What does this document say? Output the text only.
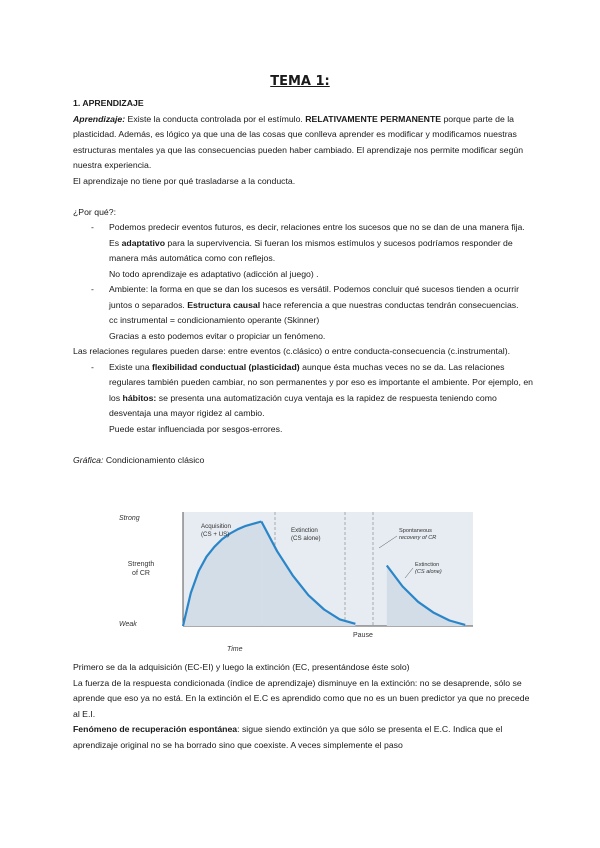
TEMA 1:

1. APRENDIZAJE

Aprendizaje: Existe la conducta controlada por el estímulo. RELATIVAMENTE PERMANENTE porque parte de la plasticidad. Además, es lógico ya que una de las cosas que conlleva aprender es modificar y modificamos nuestras estructuras mentales ya que las consecuencias pueden haber cambiado. El aprendizaje nos permite modificar según nuestra experiencia.

El aprendizaje no tiene por qué trasladarse a la conducta.

¿Por qué?:

- Podemos predecir eventos futuros, es decir, relaciones entre los sucesos que no se dan de una manera fija. Es adaptativo para la supervivencia. Si fueran los mismos estímulos y sucesos podríamos responder de manera más automática como con reflejos.

No todo aprendizaje es adaptativo (adicción al juego) .

- Ambiente: la forma en que se dan los sucesos es versátil. Podemos concluir qué sucesos tienden a ocurrir juntos o separados. Estructura causal hace referencia a que nuestras conductas tendrán consecuencias.

cc instrumental = condicionamiento operante (Skinner)

Gracias a esto podemos evitar o propiciar un fenómeno.

Las relaciones regulares pueden darse: entre eventos (c.clásico) o entre conducta-consecuencia (c.instrumental).

- Existe una flexibilidad conductual (plasticidad) aunque ésta muchas veces no se da. Las relaciones regulares también pueden cambiar, no son permanentes y por eso es importante el ambiente. Por ejemplo, en los hábitos: se presenta una automatización cuya ventaja es la rapidez de respuesta teniendo como desventaja una mayor rigidez al cambio.

Puede estar influenciada por sesgos-errores.

Gráfica: Condicionamiento clásico

Strong
Weak
Strength
of CR
Time
Pause
Acquisition
(CS + US)
Extinction
(CS alone)
Spontaneous
recovery of CR
Extinction
(CS alone)

Primero se da la adquisición (EC-EI) y luego la extinción (EC, presentándose éste solo)

La fuerza de la respuesta condicionada (índice de aprendizaje) disminuye en la extinción: no se desaprende, sólo se aprende que eso ya no está. En la extinción el E.C es aprendido como que no es un buen predictor ya que no precede al E.I.

Fenómeno de recuperación espontánea: sigue siendo extinción ya que sólo se presenta el E.C. Indica que el aprendizaje original no se ha borrado sino que coexiste. A veces simplemente el paso
